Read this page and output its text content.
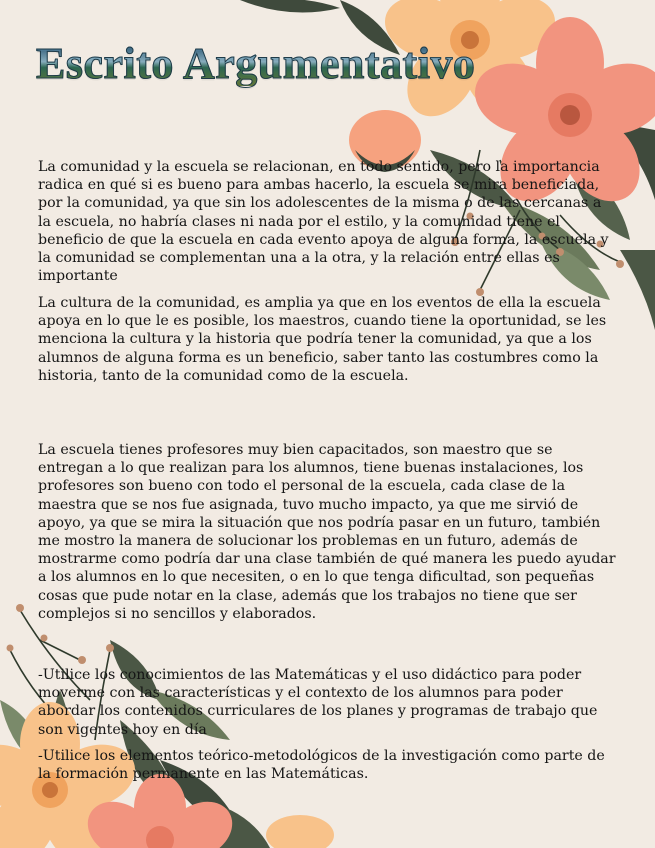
Escrito Argumentativo

La comunidad y la escuela se relacionan, en todo sentido, pero la importancia radica en qué si es bueno para ambas hacerlo, la escuela se mira beneficiada, por la comunidad, ya que sin los adolescentes de la misma o de las cercanas a la escuela, no habría clases ni nada por el estilo, y la comunidad tiene el beneficio de que la escuela en cada evento apoya de alguna forma, la escuela y la comunidad se complementan una a la otra, y la relación entre ellas es importante

La cultura de la comunidad, es amplia ya que en los eventos de ella la escuela apoya en lo que le es posible, los maestros, cuando tiene la oportunidad, se les menciona la cultura y la historia que podría tener la comunidad, ya que a los alumnos de alguna forma es un beneficio, saber tanto las costumbres como la historia, tanto de la comunidad como de la escuela.

La escuela tienes profesores muy bien capacitados, son maestro que se entregan a lo que realizan para los alumnos, tiene buenas instalaciones, los profesores son bueno con todo el personal de la escuela, cada clase de la maestra que se nos fue asignada, tuvo mucho impacto, ya que me sirvió de apoyo, ya que se mira la situación que nos podría pasar en un futuro, también me mostro la manera de solucionar los problemas en un futuro, además de mostrarme como podría dar una clase también de qué manera les puedo ayudar a los alumnos en lo que necesiten, o en lo que tenga dificultad, son pequeñas cosas que pude notar en la clase, además que los trabajos no tiene que ser complejos si no sencillos y elaborados.

-Utilice los conocimientos de las Matemáticas y el uso didáctico para poder moverme con las características y el contexto de los alumnos para poder abordar los contenidos curriculares de los planes y programas de trabajo que son vigentes hoy en día

-Utilice los elementos teórico-metodológicos de la investigación como parte de la formación permanente en las Matemáticas.
